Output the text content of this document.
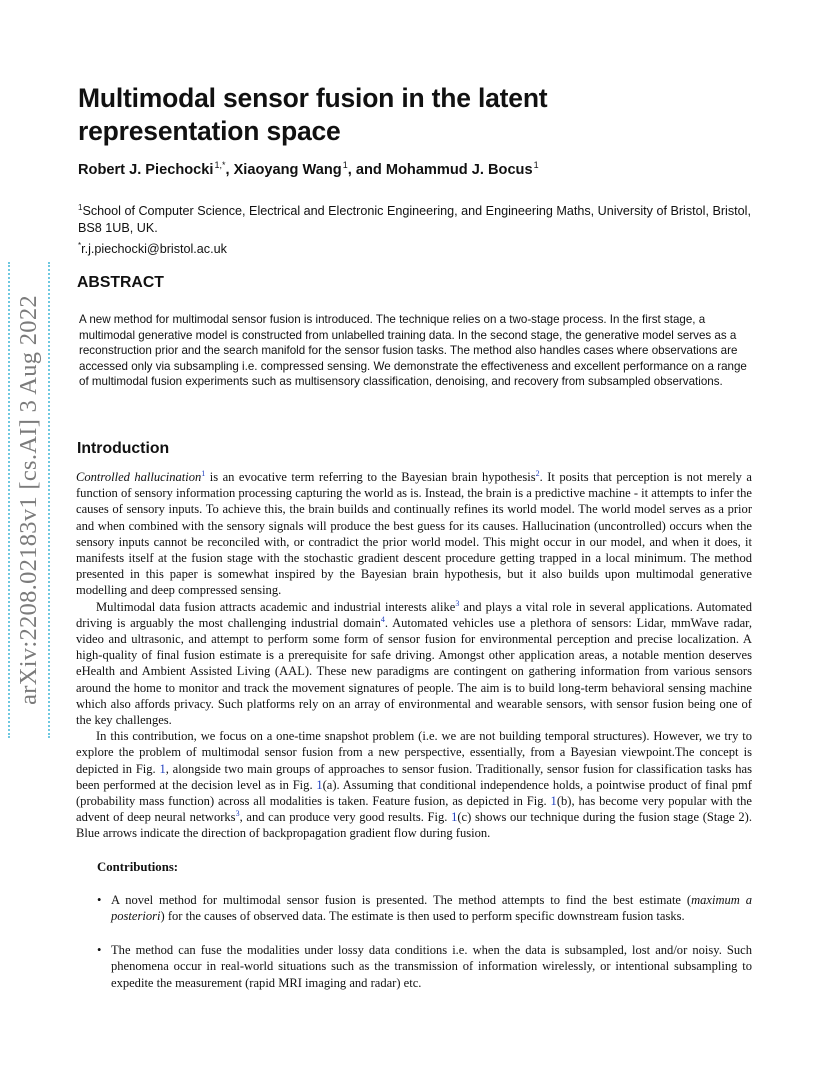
arXiv:2208.02183v1 [cs.AI] 3 Aug 2022
Multimodal sensor fusion in the latent representation space
Robert J. Piechocki$^{1,*}$, Xiaoyang Wang$^1$, and Mohammud J. Bocus$^1$
$^1$School of Computer Science, Electrical and Electronic Engineering, and Engineering Maths, University of Bristol, Bristol, BS8 1UB, UK.
*r.j.piechocki@bristol.ac.uk
ABSTRACT

A new method for multimodal sensor fusion is introduced. The technique relies on a two-stage process. In the first stage, a multimodal generative model is constructed from unlabelled training data. In the second stage, the generative model serves as a reconstruction prior and the search manifold for the sensor fusion tasks. The method also handles cases where observations are accessed only via subsampling i.e. compressed sensing. We demonstrate the effectiveness and excellent performance on a range of multimodal fusion experiments such as multisensory classification, denoising, and recovery from subsampled observations.

Introduction

Controlled hallucination$^1$ is an evocative term referring to the Bayesian brain hypothesis$^2$. It posits that perception is not merely a function of sensory information processing capturing the world as is. Instead, the brain is a predictive machine - it attempts to infer the causes of sensory inputs. To achieve this, the brain builds and continually refines its world model. The world model serves as a prior and when combined with the sensory signals will produce the best guess for its causes. Hallucination (uncontrolled) occurs when the sensory inputs cannot be reconciled with, or contradict the prior world model. This might occur in our model, and when it does, it manifests itself at the fusion stage with the stochastic gradient descent procedure getting trapped in a local minimum. The method presented in this paper is somewhat inspired by the Bayesian brain hypothesis, but it also builds upon multimodal generative modelling and deep compressed sensing.

Multimodal data fusion attracts academic and industrial interests alike$^3$ and plays a vital role in several applications. Automated driving is arguably the most challenging industrial domain$^4$. Automated vehicles use a plethora of sensors: Lidar, mmWave radar, video and ultrasonic, and attempt to perform some form of sensor fusion for environmental perception and precise localization. A high-quality of final fusion estimate is a prerequisite for safe driving. Amongst other application areas, a notable mention deserves eHealth and Ambient Assisted Living (AAL). These new paradigms are contingent on gathering information from various sensors around the home to monitor and track the movement signatures of people. The aim is to build long-term behavioral sensing machine which also affords privacy. Such platforms rely on an array of environmental and wearable sensors, with sensor fusion being one of the key challenges.

In this contribution, we focus on a one-time snapshot problem (i.e. we are not building temporal structures). However, we try to explore the problem of multimodal sensor fusion from a new perspective, essentially, from a Bayesian viewpoint.The concept is depicted in Fig. 1, alongside two main groups of approaches to sensor fusion. Traditionally, sensor fusion for classification tasks has been performed at the decision level as in Fig. 1(a). Assuming that conditional independence holds, a pointwise product of final pmf (probability mass function) across all modalities is taken. Feature fusion, as depicted in Fig. 1(b), has become very popular with the advent of deep neural networks$^3$, and can produce very good results. Fig. 1(c) shows our technique during the fusion stage (Stage 2). Blue arrows indicate the direction of backpropagation gradient flow during fusion.

Contributions:
• A novel method for multimodal sensor fusion is presented. The method attempts to find the best estimate (maximum a posteriori) for the causes of observed data. The estimate is then used to perform specific downstream fusion tasks.
• The method can fuse the modalities under lossy data conditions i.e. when the data is subsampled, lost and/or noisy. Such phenomena occur in real-world situations such as the transmission of information wirelessly, or intentional subsampling to expedite the measurement (rapid MRI imaging and radar) etc.
